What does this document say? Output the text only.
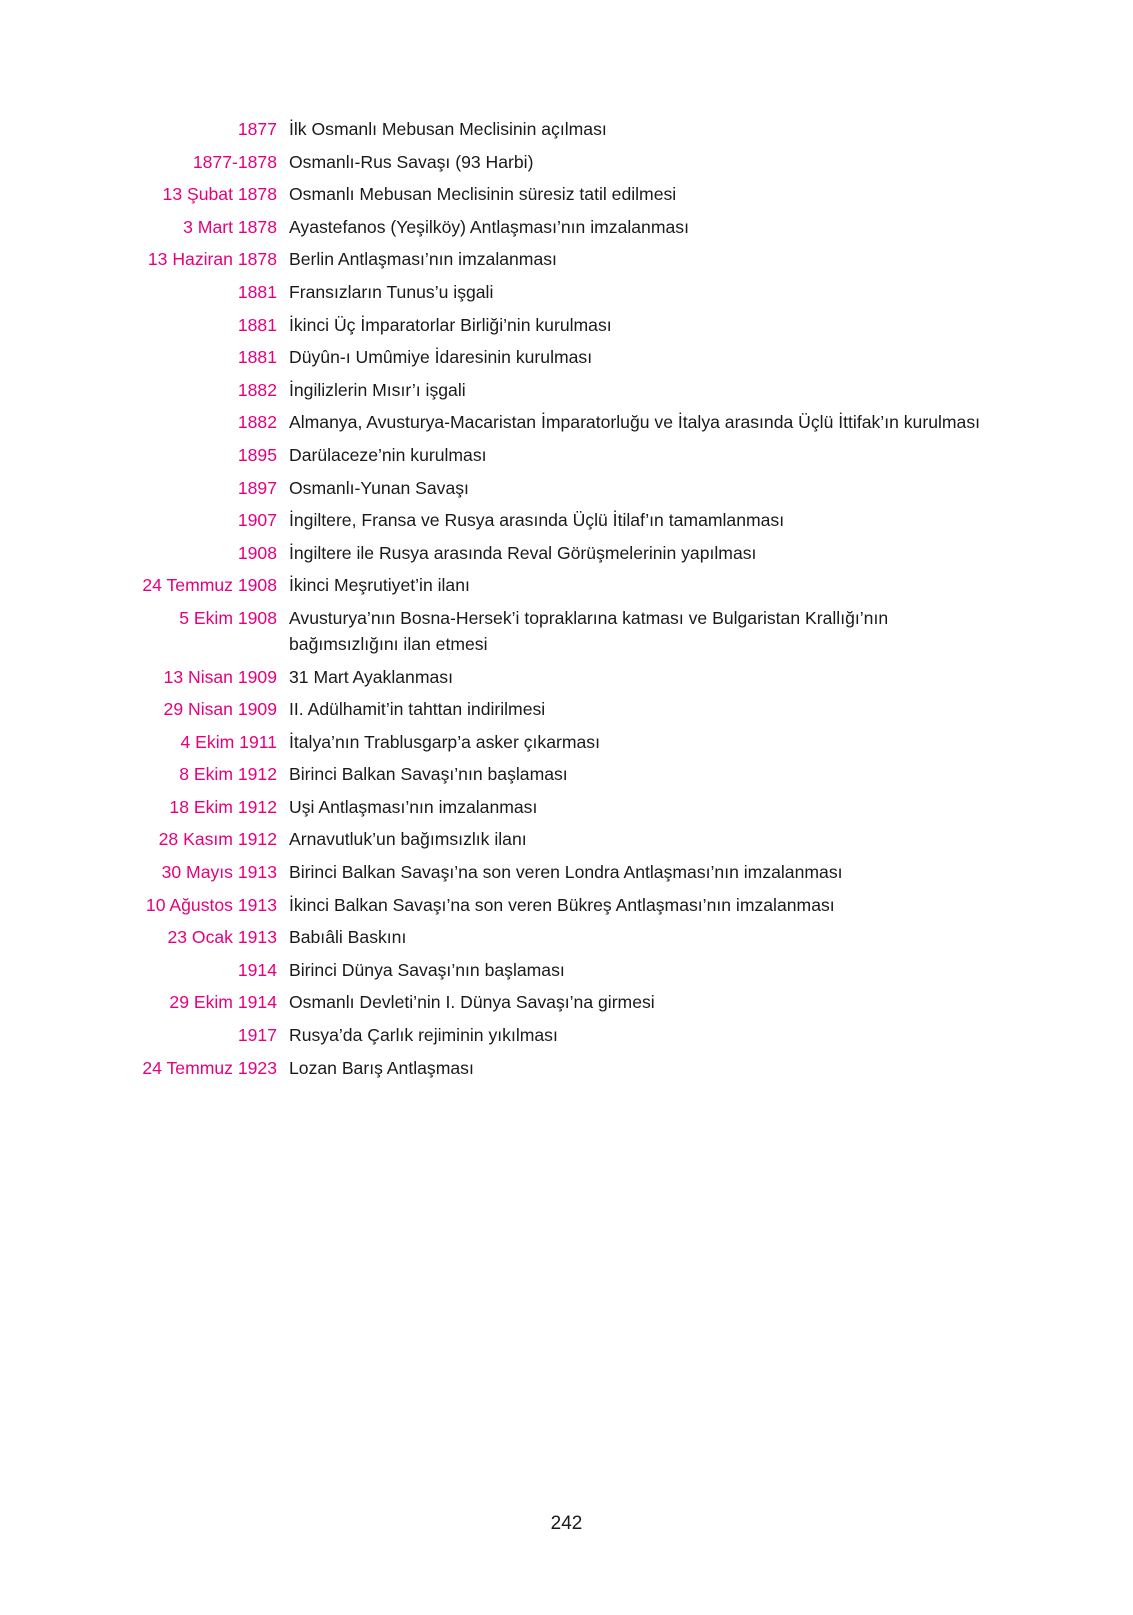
1877 İlk Osmanlı Mebusan Meclisinin açılması
1877-1878 Osmanlı-Rus Savaşı (93 Harbi)
13 Şubat 1878 Osmanlı Mebusan Meclisinin süresiz tatil edilmesi
3 Mart 1878 Ayastefanos (Yeşilköy) Antlaşması’nın imzalanması
13 Haziran 1878 Berlin Antlaşması’nın imzalanması
1881 Fransızların Tunus’u işgali
1881 İkinci Üç İmparatorlar Birliği’nin kurulması
1881 Düyûn-ı Umûmiye İdaresinin kurulması
1882 İngilizlerin Mısır’ı işgali
1882 Almanya, Avusturya-Macaristan İmparatorluğu ve İtalya arasında Üçlü İttifak’ın kurulması
1895 Darülaceze’nin kurulması
1897 Osmanlı-Yunan Savaşı
1907 İngiltere, Fransa ve Rusya arasında Üçlü İtilaf’ın tamamlanması
1908 İngiltere ile Rusya arasında Reval Görüşmelerinin yapılması
24 Temmuz 1908 İkinci Meşrutiyet’in ilanı
5 Ekim 1908 Avusturya’nın Bosna-Hersek’i topraklarına katması ve Bulgaristan Krallığı’nın bağımsızlığını ilan etmesi
13 Nisan 1909 31 Mart Ayaklanması
29 Nisan 1909 II. Adülhamit’in tahttan indirilmesi
4 Ekim 1911 İtalya’nın Trablusgarp’a asker çıkarması
8 Ekim 1912 Birinci Balkan Savaşı’nın başlaması
18 Ekim 1912 Uşi Antlaşması’nın imzalanması
28 Kasım 1912 Arnavutluk’un bağımsızlık ilanı
30 Mayıs 1913 Birinci Balkan Savaşı’na son veren Londra Antlaşması’nın imzalanması
10 Ağustos 1913 İkinci Balkan Savaşı’na son veren Bükreş Antlaşması’nın imzalanması
23 Ocak 1913 Babıâli Baskını
1914 Birinci Dünya Savaşı’nın başlaması
29 Ekim 1914 Osmanlı Devleti’nin I. Dünya Savaşı’na girmesi
1917 Rusya’da Çarlık rejiminin yıkılması
24 Temmuz 1923 Lozan Barış Antlaşması
242
